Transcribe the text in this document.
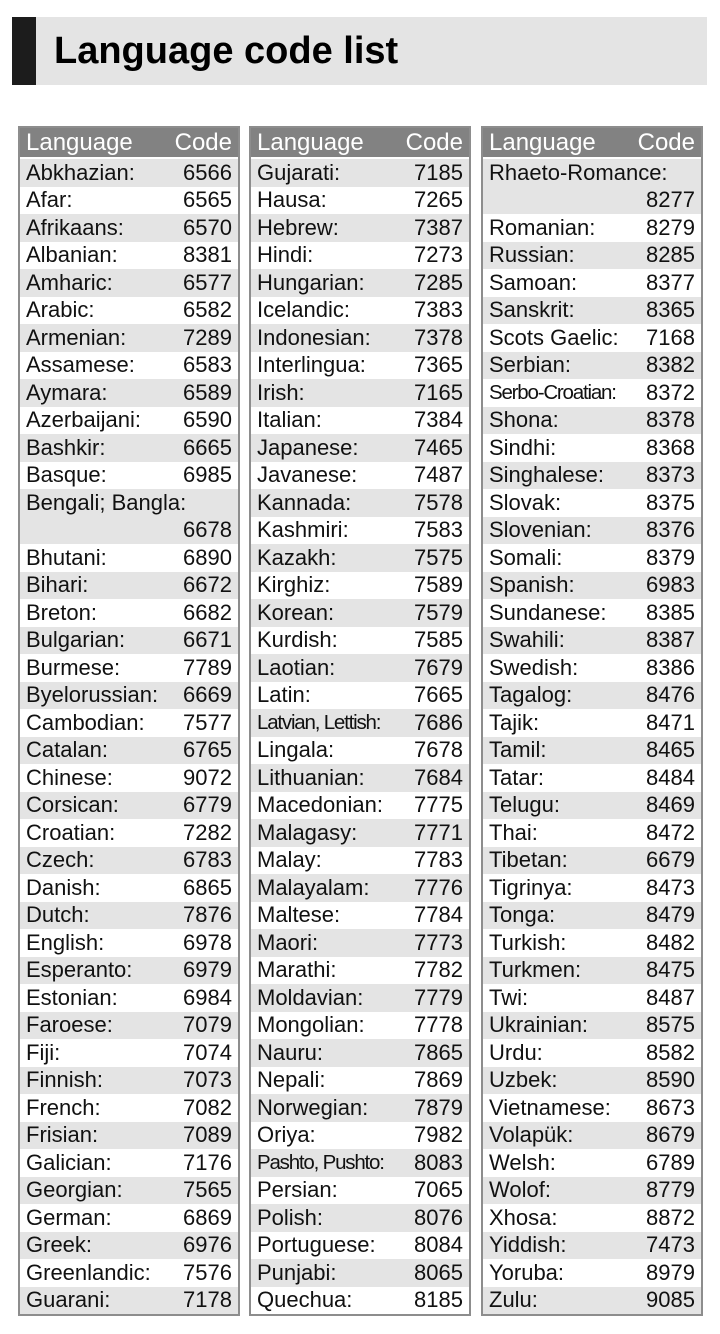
Language code list
Language Code
Abkhazian: 6566
Afar:	6565
Afrikaans:	6570
Albanian:	8381
Amharic:	6577
Arabic:	6582
Armenian:	7289
Assamese: 6583
Aymara:	6589
Azerbaijani: 6590
Bashkir:	6665
Basque:	6985
Bengali; Bangla:
6678
Bhutani:	6890
Bihari:	6672
Breton:	6682
Bulgarian:	6671
Burmese:	7789
Byelorussian: 6669
Cambodian: 7577
Catalan:	6765
Chinese:	9072
Corsican:	6779
Croatian:	7282
Czech:	6783
Danish:	6865
Dutch:	7876
English:	6978
Esperanto: 6979
Estonian:	6984
Faroese:	7079
Fiji:	7074
Finnish:	7073
French:	7082
Frisian:	7089
Galician:	7176
Georgian:	7565
German:	6869
Greek:	6976
Greenlandic: 7576
Guarani:	7178
Language Code
Gujarati:	7185
Hausa:	7265
Hebrew:	7387
Hindi:	7273
Hungarian: 7285
Icelandic:	7383
Indonesian: 7378
Interlingua: 7365
Irish:	7165
Italian:	7384
Japanese:	7465
Javanese:	7487
Kannada:	7578
Kashmiri:	7583
Kazakh:	7575
Kirghiz:	7589
Korean:	7579
Kurdish:	7585
Laotian:	7679
Latin:	7665
Latvian, Lettish: 7686
Lingala:	7678
Lithuanian: 7684
Macedonian: 7775
Malagasy:	7771
Malay:	7783
Malayalam: 7776
Maltese:	7784
Maori:	7773
Marathi:	7782
Moldavian: 7779
Mongolian: 7778
Nauru:	7865
Nepali:	7869
Norwegian: 7879
Oriya:	7982
Pashto, Pushto: 8083
Persian:	7065
Polish:	8076
Portuguese: 8084
Punjabi:	8065
Quechua:	8185
Language Code
Rhaeto-Romance:
8277
Romanian: 8279
Russian:	8285
Samoan:	8377
Sanskrit:	8365
Scots Gaelic: 7168
Serbian:	8382
Serbo-Croatian: 8372
Shona:	8378
Sindhi:	8368
Singhalese: 8373
Slovak:	8375
Slovenian: 8376
Somali:	8379
Spanish:	6983
Sundanese: 8385
Swahili:	8387
Swedish:	8386
Tagalog:	8476
Tajik:	8471
Tamil:	8465
Tatar:	8484
Telugu:	8469
Thai:	8472
Tibetan:	6679
Tigrinya:	8473
Tonga:	8479
Turkish:	8482
Turkmen:	8475
Twi:	8487
Ukrainian:	8575
Urdu:	8582
Uzbek:	8590
Vietnamese: 8673
Volapük:	8679
Welsh:	6789
Wolof:	8779
Xhosa:	8872
Yiddish:	7473
Yoruba:	8979
Zulu:	9085
